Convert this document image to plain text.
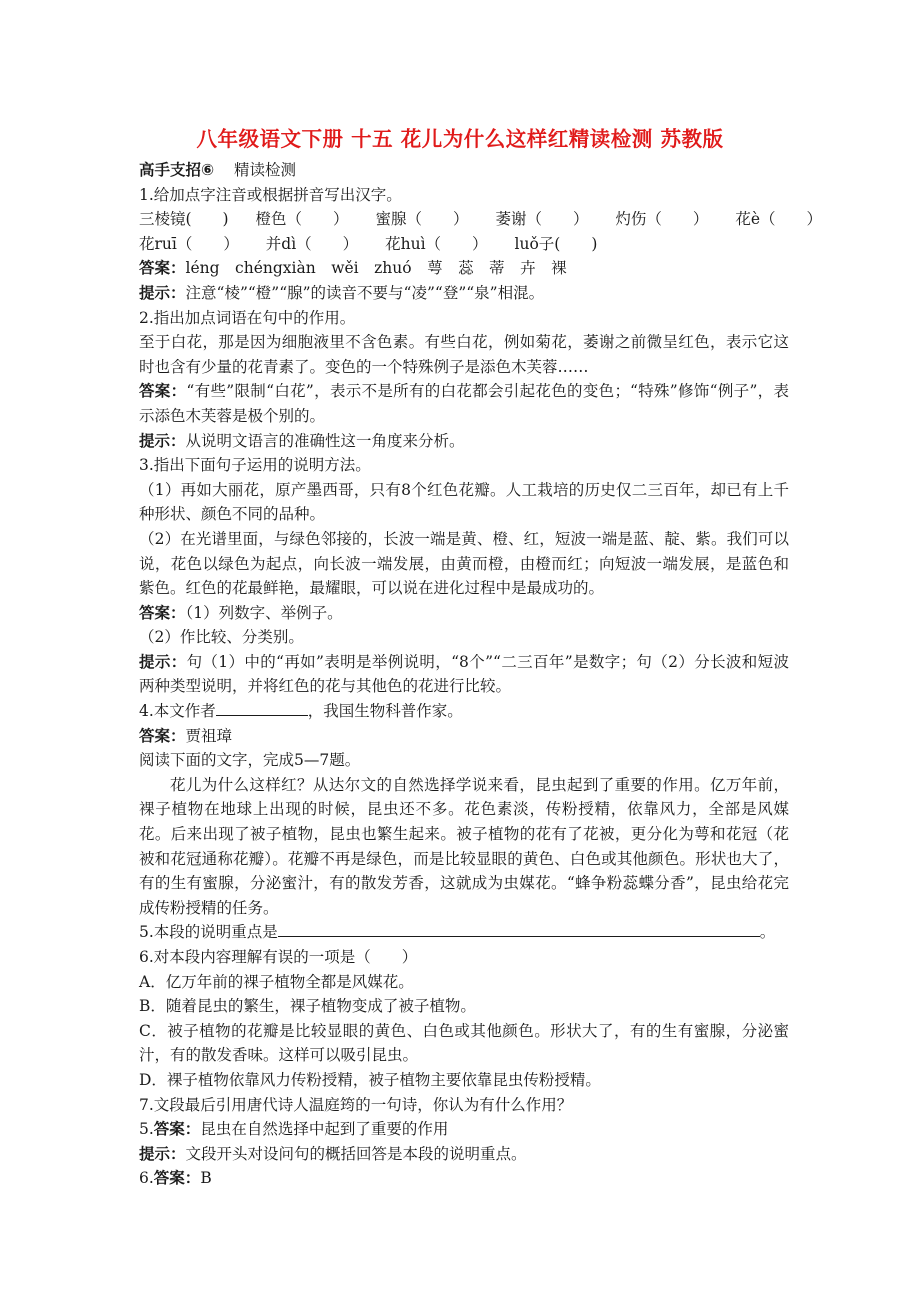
八年级语文下册 十五 花儿为什么这样红精读检测 苏教版
高手支招⑥ 精读检测
1.给加点字注音或根据拼音写出汉字。
三棱镜(　　) 橙色（　　） 蜜腺（　　） 萎谢（　　） 灼伤（　　） 花è（　　）
花ruī（　　） 并dì（　　） 花huì（　　） luǒ子(　　)
答案：léng　chéngxiàn　wěi　zhuó　萼　蕊　蒂　卉　裸
提示：注意“棱”“橙”“腺”的读音不要与“凌”“登”“泉”相混。
2.指出加点词语在句中的作用。
至于白花，那是因为细胞液里不含色素。有些白花，例如菊花，萎谢之前微呈红色，表示它这时也含有少量的花青素了。变色的一个特殊例子是添色木芙蓉……
答案：“有些”限制“白花”，表示不是所有的白花都会引起花色的变色；“特殊”修饰“例子”，表示添色木芙蓉是极个别的。
提示：从说明文语言的准确性这一角度来分析。
3.指出下面句子运用的说明方法。
（1）再如大丽花，原产墨西哥，只有8个红色花瓣。人工栽培的历史仅二三百年，却已有上千种形状、颜色不同的品种。
（2）在光谱里面，与绿色邻接的，长波一端是黄、橙、红，短波一端是蓝、靛、紫。我们可以说，花色以绿色为起点，向长波一端发展，由黄而橙，由橙而红；向短波一端发展，是蓝色和紫色。红色的花最鲜艳，最耀眼，可以说在进化过程中是最成功的。
答案：（1）列数字、举例子。
（2）作比较、分类别。
提示：句（1）中的“再如”表明是举例说明，“8个”“二三百年”是数字；句（2）分长波和短波两种类型说明，并将红色的花与其他色的花进行比较。
4.本文作者	，我国生物科普作家。
答案：贾祖璋
阅读下面的文字，完成5—7题。
花儿为什么这样红？从达尔文的自然选择学说来看，昆虫起到了重要的作用。亿万年前，裸子植物在地球上出现的时候，昆虫还不多。花色素淡，传粉授精，依靠风力，全部是风媒花。后来出现了被子植物，昆虫也繁生起来。被子植物的花有了花被，更分化为萼和花冠（花被和花冠通称花瓣）。花瓣不再是绿色，而是比较显眼的黄色、白色或其他颜色。形状也大了，有的生有蜜腺，分泌蜜汁，有的散发芳香，这就成为虫媒花。“蜂争粉蕊蝶分香”，昆虫给花完成传粉授精的任务。
5.本段的说明重点是	。
6.对本段内容理解有误的一项是（　　）
A．亿万年前的裸子植物全都是风媒花。
B．随着昆虫的繁生，裸子植物变成了被子植物。
C．被子植物的花瓣是比较显眼的黄色、白色或其他颜色。形状大了，有的生有蜜腺，分泌蜜汁，有的散发香味。这样可以吸引昆虫。
D．裸子植物依靠风力传粉授精，被子植物主要依靠昆虫传粉授精。
7.文段最后引用唐代诗人温庭筠的一句诗，你认为有什么作用？
5.答案：昆虫在自然选择中起到了重要的作用
提示：文段开头对设问句的概括回答是本段的说明重点。
6.答案：B
